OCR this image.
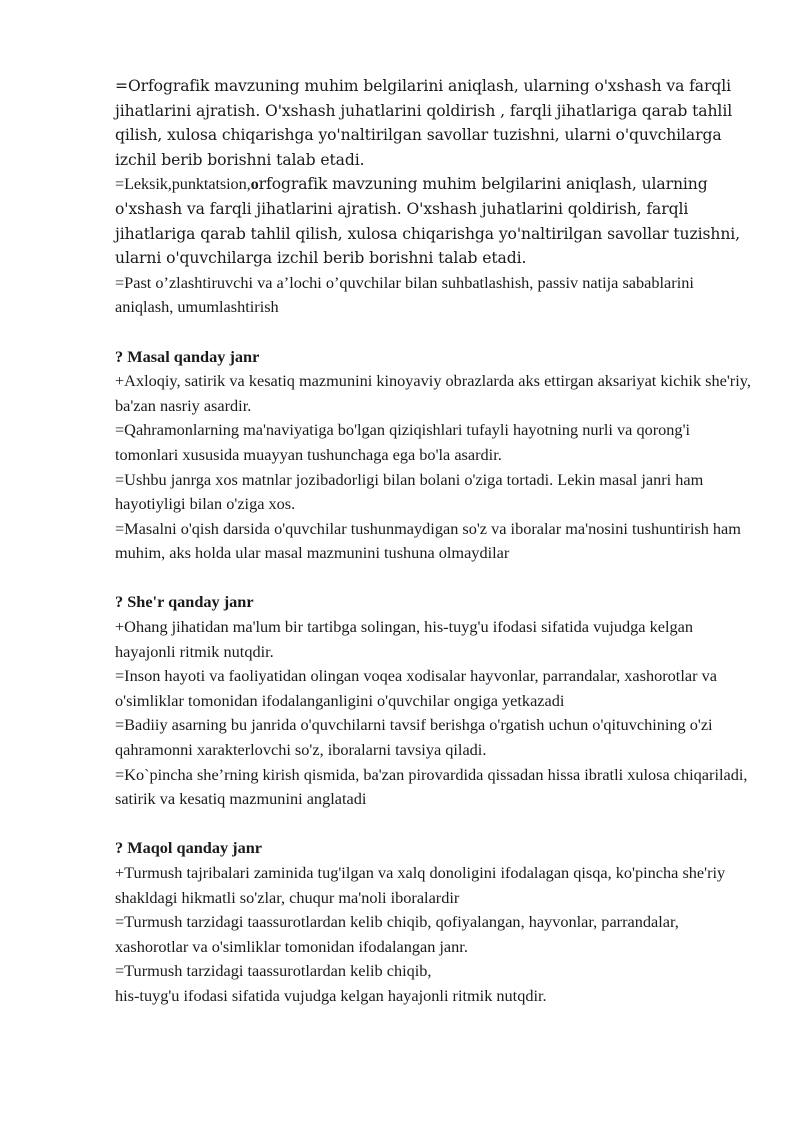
=Orfografik mavzuning muhim belgilarini aniqlash, ularning o'xshash va farqli jihatlarini ajratish. O'xshash juhatlarini qoldirish , farqli jihatlariga qarab tahlil qilish, xulosa chiqarishga yo'naltirilgan savollar tuzishni, ularni o'quvchilarga izchil berib borishni talab etadi.

=Leksik,punktatsion,orfografik mavzuning muhim belgilarini aniqlash, ularning o'xshash va farqli jihatlarini ajratish. O'xshash juhatlarini qoldirish, farqli jihatlariga qarab tahlil qilish, xulosa chiqarishga yo'naltirilgan savollar tuzishni, ularni o'quvchilarga izchil berib borishni talab etadi.

=Past o’zlashtiruvchi va a’lochi o’quvchilar bilan suhbatlashish, passiv natija sabablarini aniqlash, umumlashtirish

? Masal qanday janr

+Axloqiy, satirik va kesatiq mazmunini kinoyaviy obrazlarda aks ettirgan aksariyat kichik she'riy, ba'zan nasriy asardir.

=Qahramonlarning ma'naviyatiga bo'lgan qiziqishlari tufayli hayotning nurli va qorong'i tomonlari xususida muayyan tushunchaga ega bo'la asardir.

=Ushbu janrga xos matnlar jozibadorligi bilan bolani o'ziga tortadi. Lekin masal janri ham hayotiyligi bilan o'ziga xos.

=Masalni o'qish darsida o'quvchilar tushunmaydigan so'z va iboralar ma'nosini tushuntirish ham muhim, aks holda ular masal mazmunini tushuna olmaydilar

? She'r qanday janr

+Ohang jihatidan ma'lum bir tartibga solingan, his-tuyg'u ifodasi sifatida vujudga kelgan hayajonli ritmik nutqdir.

=Inson hayoti va faoliyatidan olingan voqea xodisalar hayvonlar, parrandalar, xashorotlar va o'simliklar tomonidan ifodalanganligini o'quvchilar ongiga yetkazadi

=Badiiy asarning bu janrida o'quvchilarni tavsif berishga o'rgatish uchun o'qituvchining o'zi qahramonni xarakterlovchi so'z, iboralarni tavsiya qiladi.

=Ko`pincha she’rning kirish qismida, ba'zan pirovardida qissadan hissa ibratli xulosa chiqariladi, satirik va kesatiq mazmunini anglatadi

? Maqol qanday janr

+Turmush tajribalari zaminida tug'ilgan va xalq donoligini ifodalagan qisqa, ko'pincha she'riy shakldagi hikmatli so'zlar, chuqur ma'noli iboralardir

=Turmush tarzidagi taassurotlardan kelib chiqib, qofiyalangan, hayvonlar, parrandalar, xashorotlar va o'simliklar tomonidan ifodalangan janr.

=Turmush tarzidagi taassurotlardan kelib chiqib,

his-tuyg'u ifodasi sifatida vujudga kelgan hayajonli ritmik nutqdir.
